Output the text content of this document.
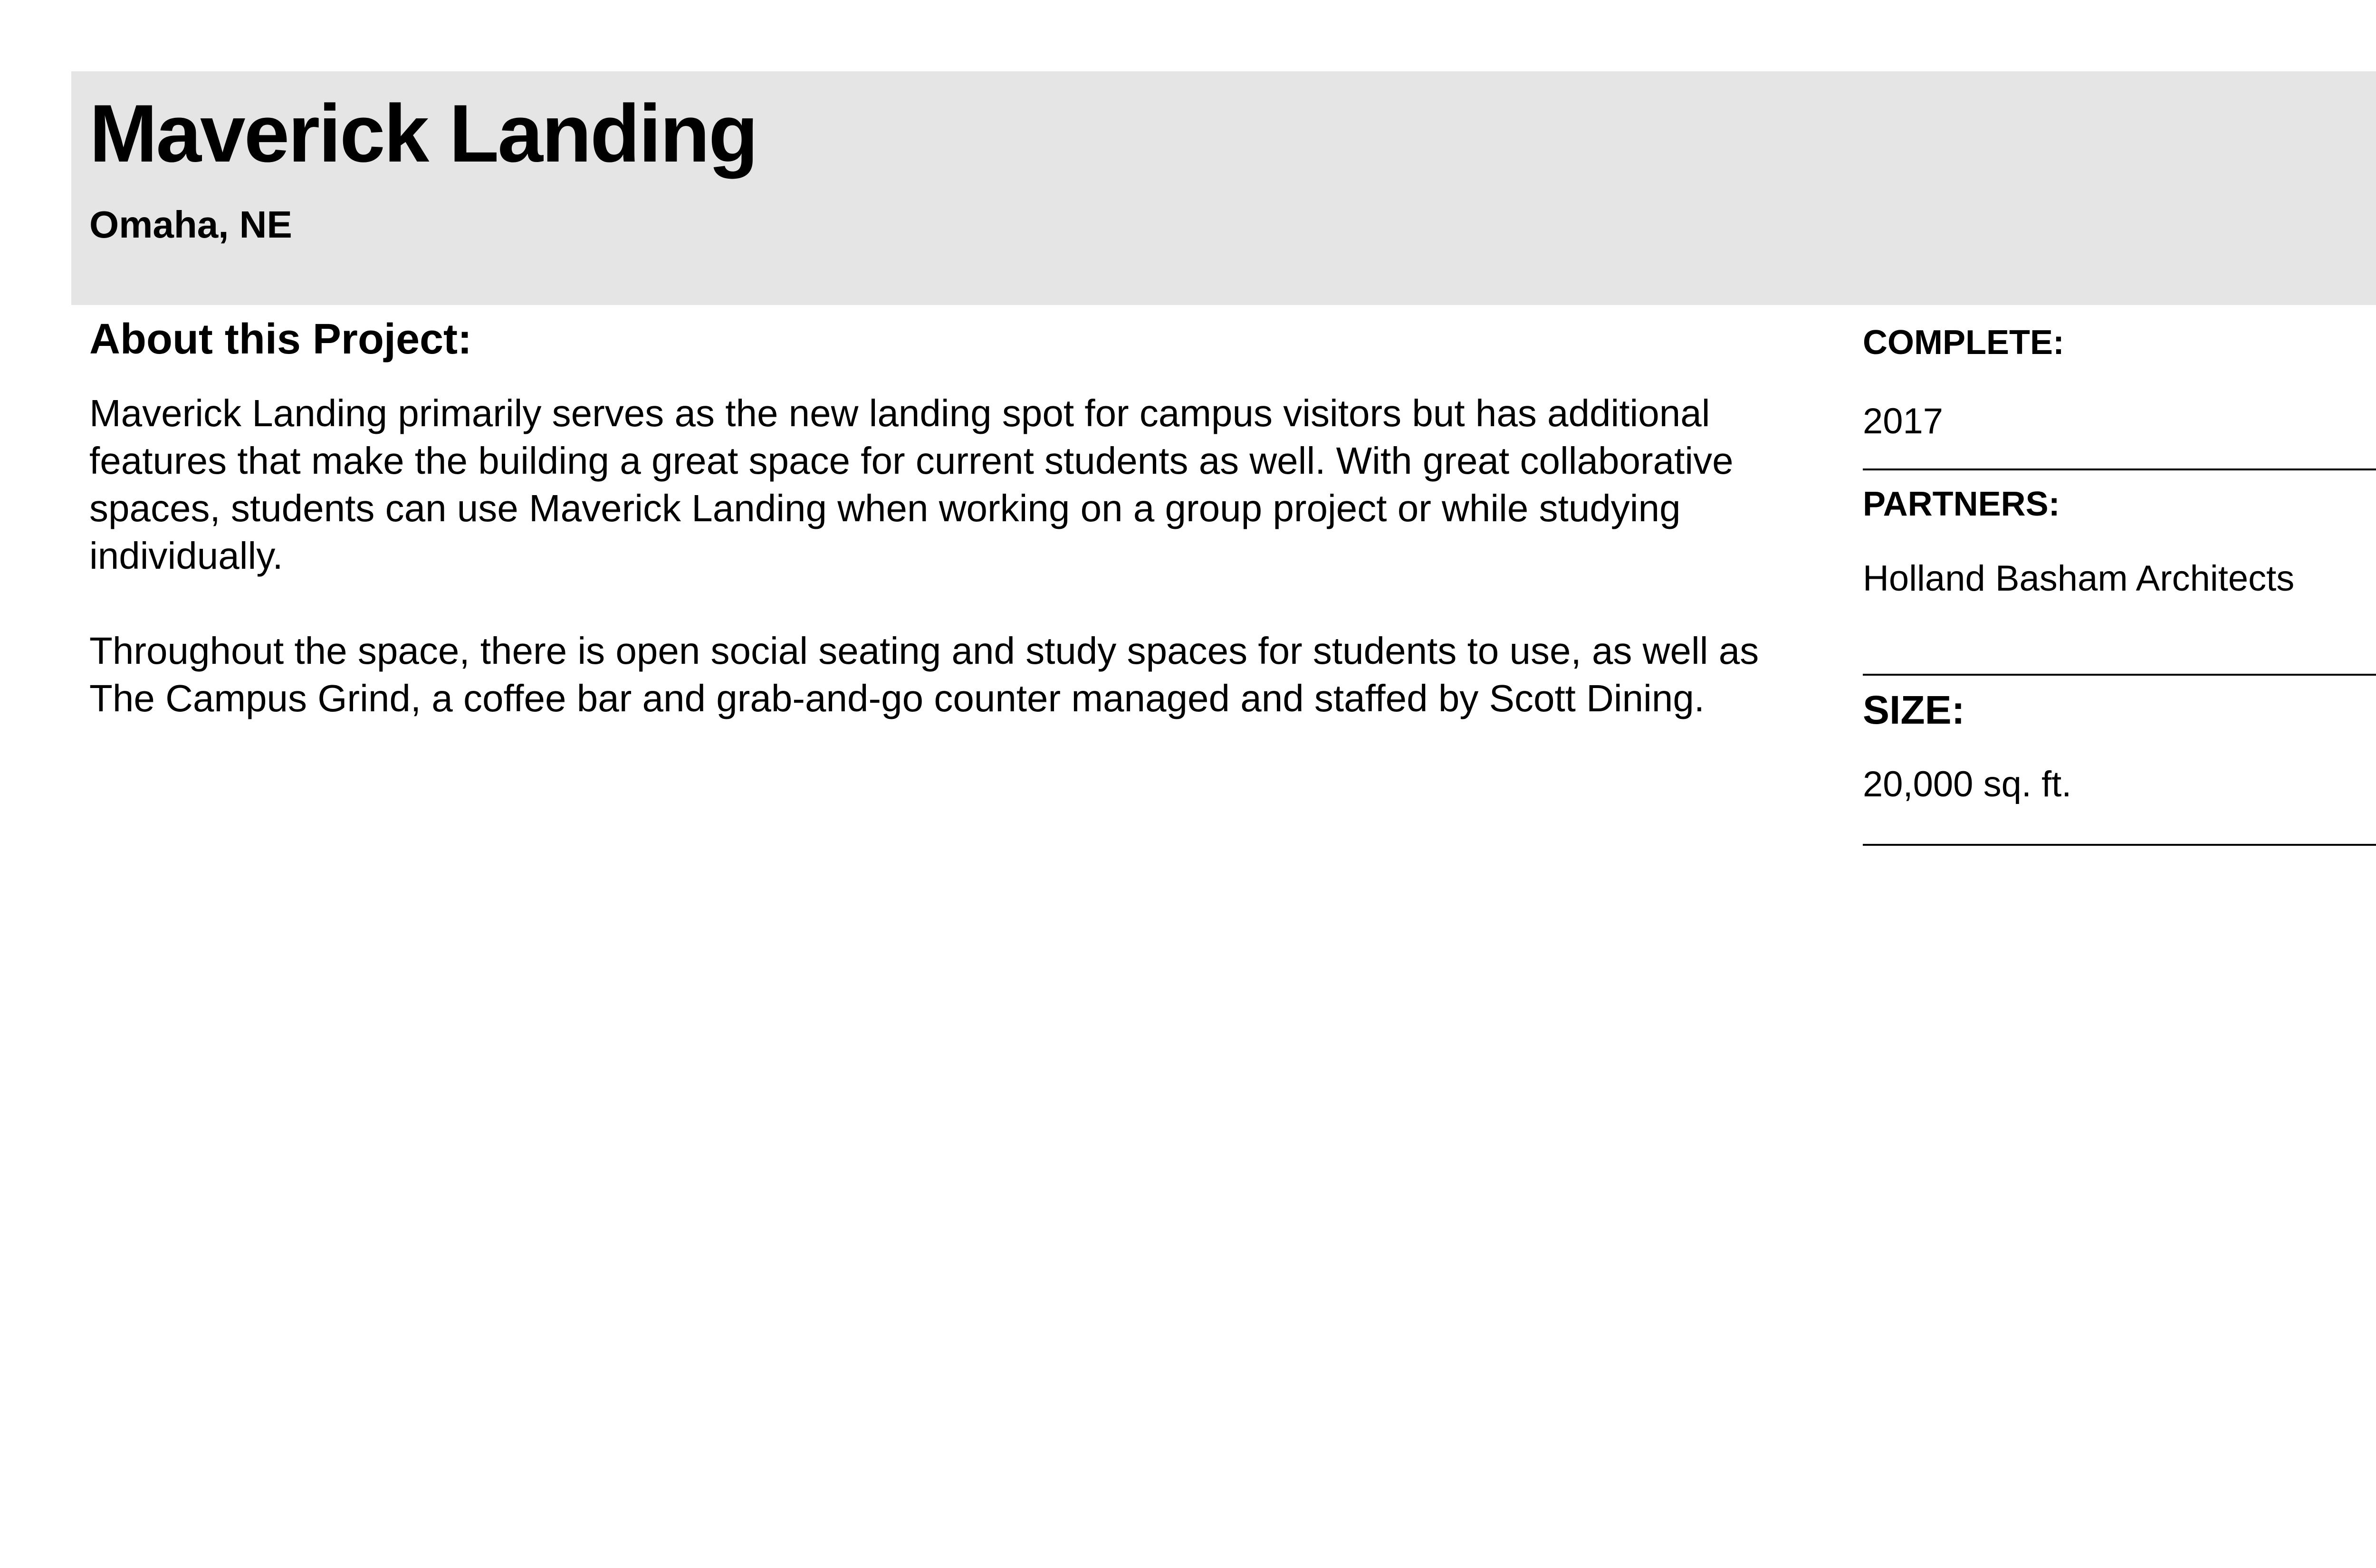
Maverick Landing
Omaha, NE
About this Project:

Maverick Landing primarily serves as the new landing spot for campus visitors but has additional features that make the building a great space for current students as well. With great collaborative spaces, students can use Maverick Landing when working on a group project or while studying individually.

Throughout the space, there is open social seating and study spaces for students to use, as well as The Campus Grind, a coffee bar and grab-and-go counter managed and staffed by Scott Dining.

COMPLETE:
2017
PARTNERS:
Holland Basham Architects
SIZE:
20,000 sq. ft.
